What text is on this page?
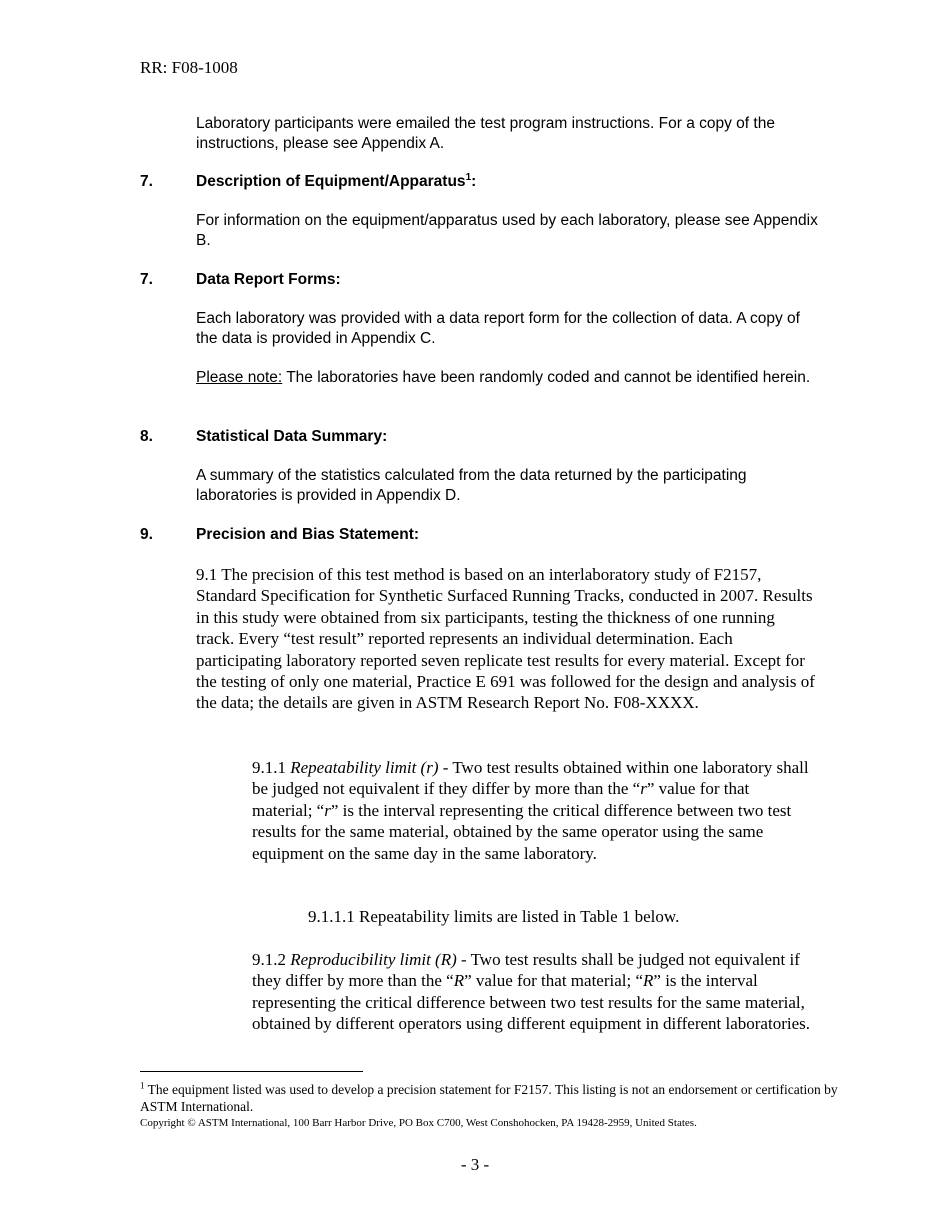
RR: F08-1008
Laboratory participants were emailed the test program instructions. For a copy of the instructions, please see Appendix A.
7.	Description of Equipment/Apparatus$^1$:
For information on the equipment/apparatus used by each laboratory, please see Appendix B.
7.	Data Report Forms:
Each laboratory was provided with a data report form for the collection of data. A copy of the data is provided in Appendix C.
Please note: The laboratories have been randomly coded and cannot be identified herein.
8.	Statistical Data Summary:
A summary of the statistics calculated from the data returned by the participating laboratories is provided in Appendix D.
9.	Precision and Bias Statement:
9.1 The precision of this test method is based on an interlaboratory study of F2157, Standard Specification for Synthetic Surfaced Running Tracks, conducted in 2007. Results in this study were obtained from six participants, testing the thickness of one running track. Every “test result” reported represents an individual determination. Each participating laboratory reported seven replicate test results for every material. Except for the testing of only one material, Practice E 691 was followed for the design and analysis of the data; the details are given in ASTM Research Report No. F08-XXXX.
9.1.1 Repeatability limit (r) - Two test results obtained within one laboratory shall be judged not equivalent if they differ by more than the “r” value for that material; “r” is the interval representing the critical difference between two test results for the same material, obtained by the same operator using the same equipment on the same day in the same laboratory.
9.1.1.1 Repeatability limits are listed in Table 1 below.
9.1.2 Reproducibility limit (R) - Two test results shall be judged not equivalent if they differ by more than the “R” value for that material; “R” is the interval representing the critical difference between two test results for the same material, obtained by different operators using different equipment in different laboratories.
$^1$ The equipment listed was used to develop a precision statement for F2157. This listing is not an endorsement or certification by ASTM International.
Copyright © ASTM International, 100 Barr Harbor Drive, PO Box C700, West Conshohocken, PA 19428-2959, United States.
- 3 -
